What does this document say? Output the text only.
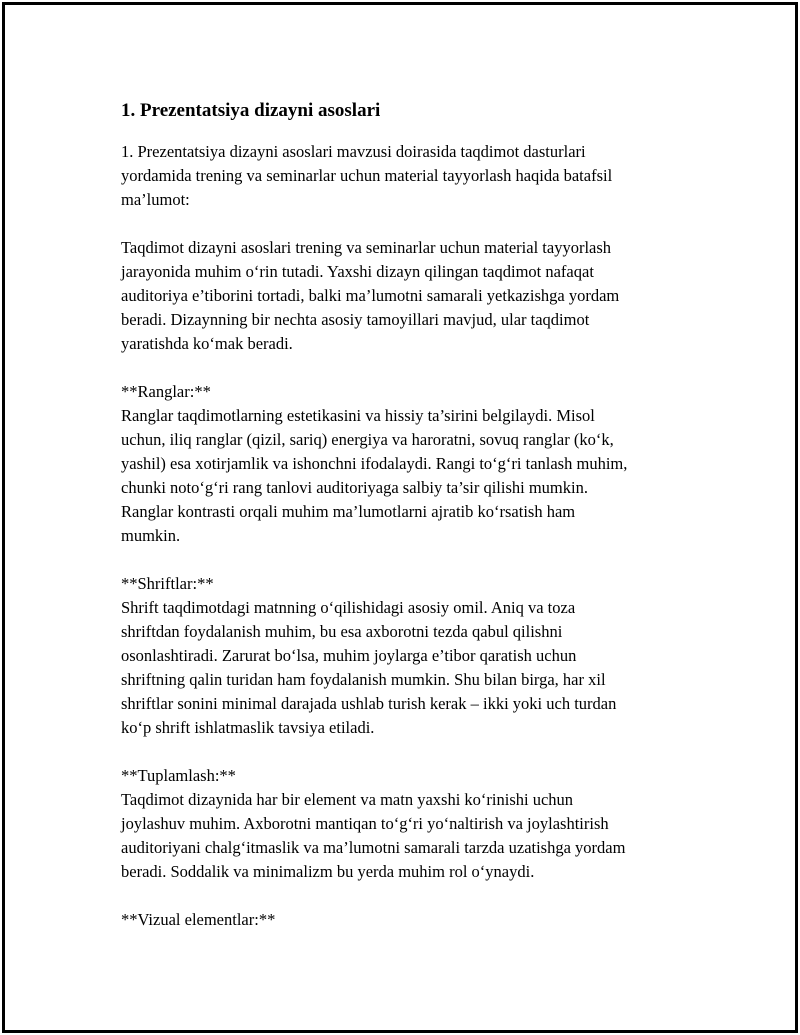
1. Prezentatsiya dizayni asoslari
1. Prezentatsiya dizayni asoslari mavzusi doirasida taqdimot dasturlari
yordamida trening va seminarlar uchun material tayyorlash haqida batafsil
ma’lumot:
Taqdimot dizayni asoslari trening va seminarlar uchun material tayyorlash
jarayonida muhim o‘rin tutadi. Yaxshi dizayn qilingan taqdimot nafaqat
auditoriya e’tiborini tortadi, balki ma’lumotni samarali yetkazishga yordam
beradi. Dizaynning bir nechta asosiy tamoyillari mavjud, ular taqdimot
yaratishda ko‘mak beradi.
**Ranglar:**
Ranglar taqdimotlarning estetikasini va hissiy ta’sirini belgilaydi. Misol
uchun, iliq ranglar (qizil, sariq) energiya va haroratni, sovuq ranglar (ko‘k,
yashil) esa xotirjamlik va ishonchni ifodalaydi. Rangi to‘g‘ri tanlash muhim,
chunki noto‘g‘ri rang tanlovi auditoriyaga salbiy ta’sir qilishi mumkin.
Ranglar kontrasti orqali muhim ma’lumotlarni ajratib ko‘rsatish ham
mumkin.
**Shriftlar:**
Shrift taqdimotdagi matnning o‘qilishidagi asosiy omil. Aniq va toza
shriftdan foydalanish muhim, bu esa axborotni tezda qabul qilishni
osonlashtiradi. Zarurat bo‘lsa, muhim joylarga e’tibor qaratish uchun
shriftning qalin turidan ham foydalanish mumkin. Shu bilan birga, har xil
shriftlar sonini minimal darajada ushlab turish kerak – ikki yoki uch turdan
ko‘p shrift ishlatmaslik tavsiya etiladi.
**Tuplamlash:**
Taqdimot dizaynida har bir element va matn yaxshi ko‘rinishi uchun
joylashuv muhim. Axborotni mantiqan to‘g‘ri yo‘naltirish va joylashtirish
auditoriyani chalg‘itmaslik va ma’lumotni samarali tarzda uzatishga yordam
beradi. Soddalik va minimalizm bu yerda muhim rol o‘ynaydi.
**Vizual elementlar:**
